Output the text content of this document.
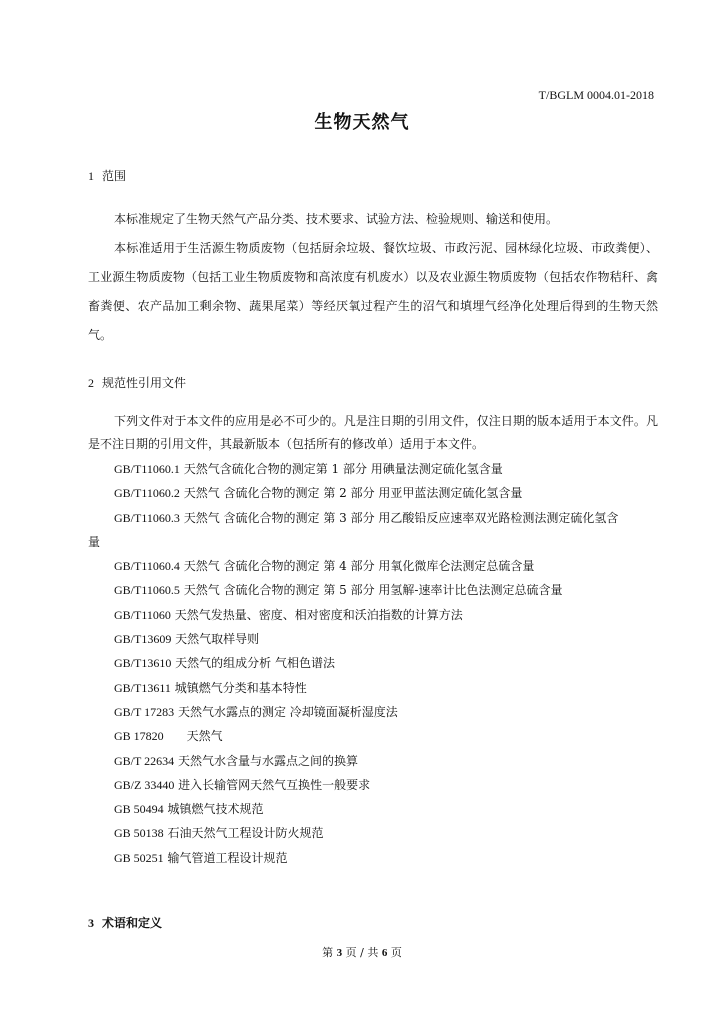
T/BGLM 0004.01-2018
生物天然气
1 范围

本标准规定了生物天然气产品分类、技术要求、试验方法、检验规则、输送和使用。

本标准适用于生活源生物质废物（包括厨余垃圾、餐饮垃圾、市政污泥、园林绿化垃圾、市政粪便）、工业源生物质废物（包括工业生物质废物和高浓度有机废水）以及农业源生物质废物（包括农作物秸秆、禽畜粪便、农产品加工剩余物、蔬果尾菜）等经厌氧过程产生的沼气和填埋气经净化处理后得到的生物天然气。

2 规范性引用文件

下列文件对于本文件的应用是必不可少的。凡是注日期的引用文件，仅注日期的版本适用于本文件。凡是不注日期的引用文件，其最新版本（包括所有的修改单）适用于本文件。

GB/T11060.1 天然气含硫化合物的测定第 1 部分 用碘量法测定硫化氢含量
GB/T11060.2 天然气 含硫化合物的测定 第 2 部分 用亚甲蓝法测定硫化氢含量
GB/T11060.3 天然气 含硫化合物的测定 第 3 部分 用乙酸铅反应速率双光路检测法测定硫化氢含
量
GB/T11060.4 天然气 含硫化合物的测定 第 4 部分 用氧化微库仑法测定总硫含量
GB/T11060.5 天然气 含硫化合物的测定 第 5 部分 用氢解-速率计比色法测定总硫含量
GB/T11060 天然气发热量、密度、相对密度和沃泊指数的计算方法
GB/T13609 天然气取样导则
GB/T13610 天然气的组成分析 气相色谱法
GB/T13611 城镇燃气分类和基本特性
GB/T 17283 天然气水露点的测定 冷却镜面凝析湿度法
GB 17820      天然气
GB/T 22634 天然气水含量与水露点之间的换算
GB/Z 33440 进入长输管网天然气互换性一般要求
GB 50494 城镇燃气技术规范
GB 50138 石油天然气工程设计防火规范
GB 50251 输气管道工程设计规范
3 术语和定义
第 3 页 / 共 6 页
